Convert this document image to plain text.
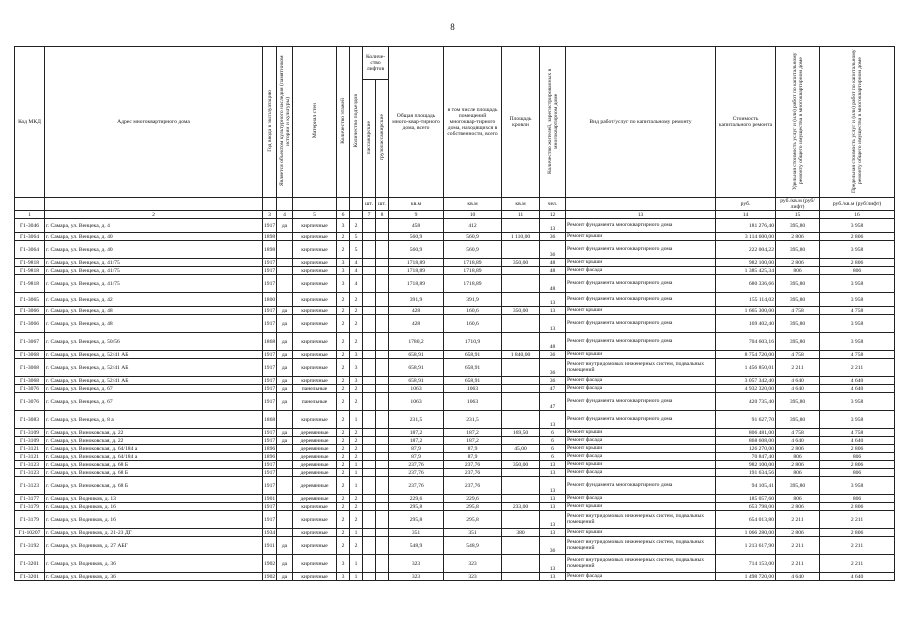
8
Код МКД	Адрес многоквартирного дома	Год ввода в эксплуатацию	Является объектом культурного наследия (памятником истории и культуры)	Материал стен	Количество этажей	Количество подъездов	Количе-ство лифтов		Общая площадь много-квар-тирного дома, всего	в том числе площадь помещений многоквар-тирного дома, находящихся в собственности, всего	Площадь кровли	Количество жителей, зарегистрированных в многоквартирном доме	Вид работ/услуг по капитальному ремонту	Стоимость капитального ремонта	Удельная стоимость услуг и (или) работ по капитальному ремонту общего имущества в многоквартирном доме	Предельная стоимость услуг и (или) работ по капитальному ремонту общего имущества в многоквартирном доме
							пассажирские	грузопассажирские								
							шт.	шт.	кв.м	кв.м	кв.м	чел.		руб.	руб./кв.м (руб/лифт)	руб./кв.м (руб/лифт)
1	2	3	4	5	6		7	8	9	10	11	12	13	14	15	16
Г1-3046	г. Самара, ул. Венцека, д. 4	1917	да	кирпичные	3	2			458	412		13	Ремонт фундамента многоквартирного дома	181 276,40	395,80	3 958
Г1-3064	г. Самара, ул. Венцека, д. 40	1898		кирпичные	2	5			560,9	560,9	1 110,00	36	Ремонт крыши	3 114 600,00	2 806	2 806
Г1-3064	г. Самара, ул. Венцека, д. 40	1898		кирпичные	2	5			560,9	560,9		36	Ремонт фундамента многоквартирного дома	222 004,22	395,80	3 958
Г1-9818	г. Самара, ул. Венцека, д. 41/75	1917		кирпичные	3	4			1718,89	1718,89	350,00	48	Ремонт крыши	982 100,00	2 806	2 806
Г1-9818	г. Самара, ул. Венцека, д. 41/75	1917		кирпичные	3	4			1718,89	1718,89		48	Ремонт фасада	1 385 425,34	806	806
Г1-9818	г. Самара, ул. Венцека, д. 41/75	1917		кирпичные	3	4			1718,89	1718,89		48	Ремонт фундамента многоквартирного дома	680 336,66	395,80	3 958
Г1-3065	г. Самара, ул. Венцека, д. 42	1800		кирпичные	2	2			391,9	391,9		13	Ремонт фундамента многоквартирного дома	155 114,02	395,80	3 958
Г1-3066	г. Самара, ул. Венцека, д. 48	1917	да	кирпичные	2	2			428	160,6	350,00	13	Ремонт крыши	1 665 300,00	4 758	4 758
Г1-3066	г. Самара, ул. Венцека, д. 48	1917	да	кирпичные	2	2			428	160,6		13	Ремонт фундамента многоквартирного дома	169 402,40	395,80	3 958
Г1-3067	г. Самара, ул. Венцека, д. 50/56	1868	да	кирпичные	2	2			1780,2	1710,9		48	Ремонт фундамента многоквартирного дома	704 603,16	395,80	3 958
Г1-3068	г. Самара, ул. Венцека, д. 52/41 АБ	1917	да	кирпичные	2	3			658,91	658,91	1 840,00	36	Ремонт крыши	8 754 720,00	4 758	4 758
Г1-3068	г. Самара, ул. Венцека, д. 52/41 АБ	1917	да	кирпичные	2	3			658,91	658,91		36	Ремонт внутридомовых инженерных систем, подвальных помещений	1 456 850,01	2 211	2 211
Г1-3068	г. Самара, ул. Венцека, д. 52/41 АБ	1917	да	кирпичные	2	3			658,91	658,91		36	Ремонт фасада	3 057 342,40	4 640	4 640
Г1-3076	г. Самара, ул. Венцека, д. 67	1917	да	панельные	2	2			1063	1063		47	Ремонт фасада	4 932 320,00	4 640	4 640
Г1-3076	г. Самара, ул. Венцека, д. 67	1917	да	панельные	2	2			1063	1063		47	Ремонт фундамента многоквартирного дома	420 735,40	395,80	3 958
Г1-3083	г. Самара, ул. Венцека, д. 8 а	1868		кирпичные	2	1			231,5	231,5		13	Ремонт фундамента многоквартирного дома	91 627,70	395,80	3 958
Г1-3109	г. Самара, ул. Виноковская, д. 22	1917	да	деревянные	2	2			187,2	187,2	169,50	6	Ремонт крыши	806 481,00	4 758	4 758
Г1-3109	г. Самара, ул. Виноковская, д. 22	1917	да	деревянные	2	2			187,2	187,2		6	Ремонт фасада	868 608,00	4 640	4 640
Г1-3121	г. Самара, ул. Виноковская, д. 64/184 а	1896		деревянные	2	2			87,9	87,9	45,00	6	Ремонт крыши	126 270,00	2 806	2 806
Г1-3121	г. Самара, ул. Виноковская, д. 64/184 а	1896		деревянные	2	2			87,9	87,9		6	Ремонт фасада	70 847,40	806	806
Г1-3123	г. Самара, ул. Виноковская, д. 68 Б	1917		деревянные	2	1			237,76	237,76	350,00	13	Ремонт крыши	982 100,00	2 806	2 806
Г1-3123	г. Самара, ул. Виноковская, д. 68 Б	1917		деревянные	2	1			237,76	237,76		13	Ремонт фасада	191 634,56	806	806
Г1-3123	г. Самара, ул. Виноковская, д. 68 Б	1917		деревянные	2	1			237,76	237,76		13	Ремонт фундамента многоквартирного дома	94 105,41	395,80	3 958
Г1-3177	г. Самара, ул. Водников, д. 13	1901		деревянные	2	2			229,6	229,6		13	Ремонт фасада	185 057,60	806	806
Г1-3179	г. Самара, ул. Водников, д. 16	1917		кирпичные	2	2			295,8	295,8	233,00	13	Ремонт крыши	653 798,00	2 806	2 806
Г1-3179	г. Самара, ул. Водников, д. 16	1917		кирпичные	2	2			295,8	295,8		13	Ремонт внутридомовых инженерных систем, подвальных помещений	654 013,80	2 211	2 211
Г1-10207	г. Самара, ул. Водников, д. 21-23 ДГ	1934		кирпичные	2	1			351	351	380	13	Ремонт крыши	1 066 280,00	2 806	2 806
Г1-3192	г. Самара, ул. Водников, д. 27 АБГ	1911	да	кирпичные	2	2			548,9	548,9		36	Ремонт внутридомовых инженерных систем, подвальных помещений	1 213 617,90	2 211	2 211
Г1-3201	г. Самара, ул. Водников, д. 36	1902	да	кирпичные	3	1			323	323		13	Ремонт внутридомовых инженерных систем, подвальных помещений	714 153,00	2 211	2 211
Г1-3201	г. Самара, ул. Водников, д. 36	1902	да	кирпичные	3	1			323	323		13	Ремонт фасада	1 498 720,00	4 640	4 640
